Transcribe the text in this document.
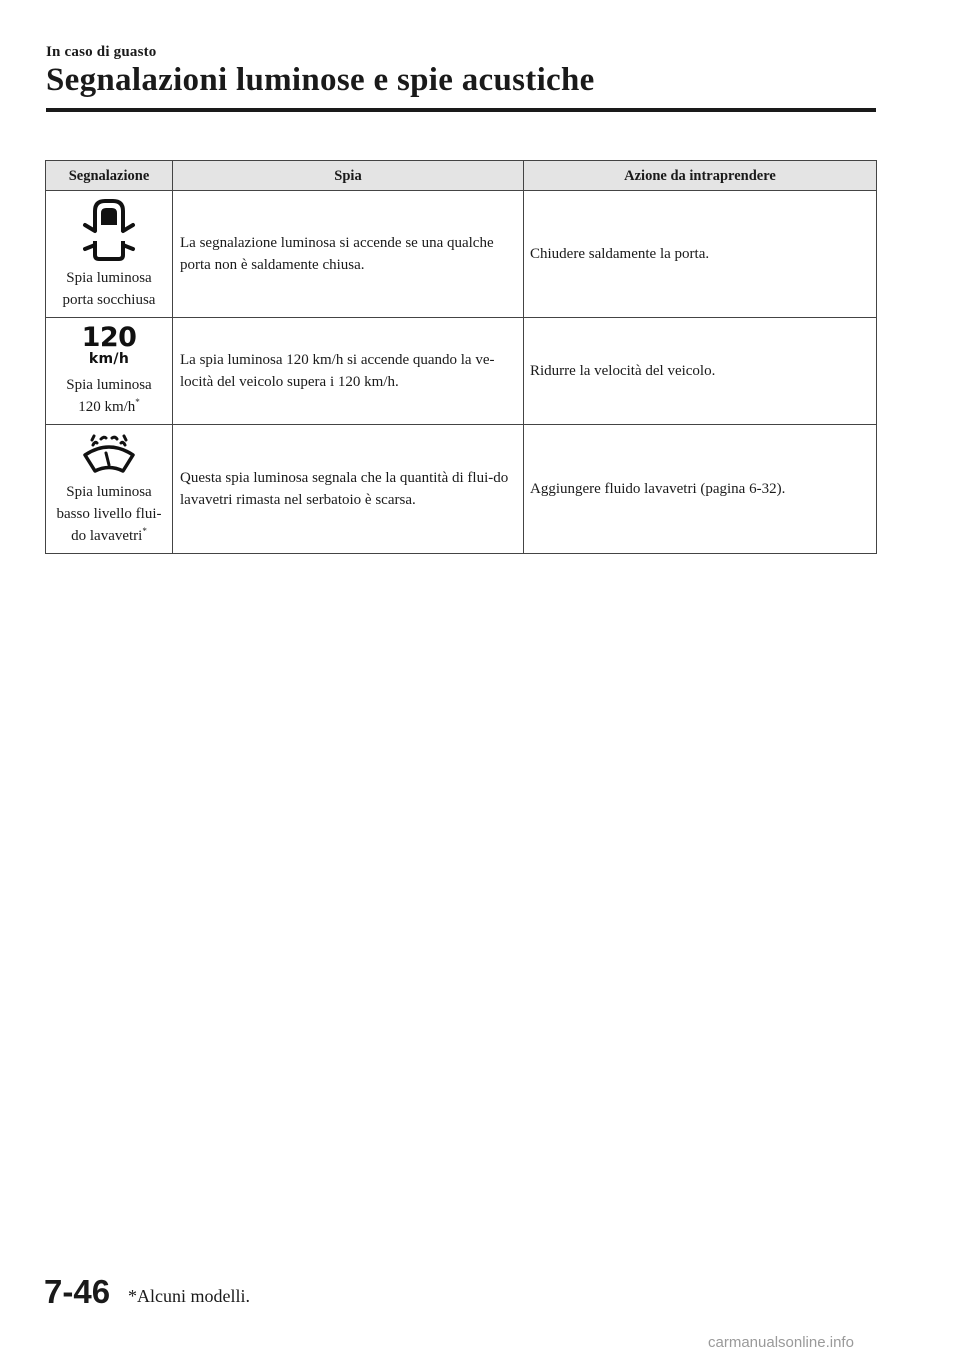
In caso di guasto
Segnalazioni luminose e spie acustiche
Segnalazione	Spia	Azione da intraprendere

Spia luminosa
porta socchiusa	La segnalazione luminosa si accende se una qualche porta non è saldamente chiusa.	Chiudere saldamente la porta.

120
km/h
Spia luminosa
120 km/h*	La spia luminosa 120 km/h si accende quando la ve-locità del veicolo supera i 120 km/h.	Ridurre la velocità del veicolo.

Spia luminosa
basso livello flui-
do lavavetri*	Questa spia luminosa segnala che la quantità di flui-do lavavetri rimasta nel serbatoio è scarsa.	Aggiungere fluido lavavetri (pagina 6-32).
7-46 *Alcuni modelli.
carmanualsonline.info
